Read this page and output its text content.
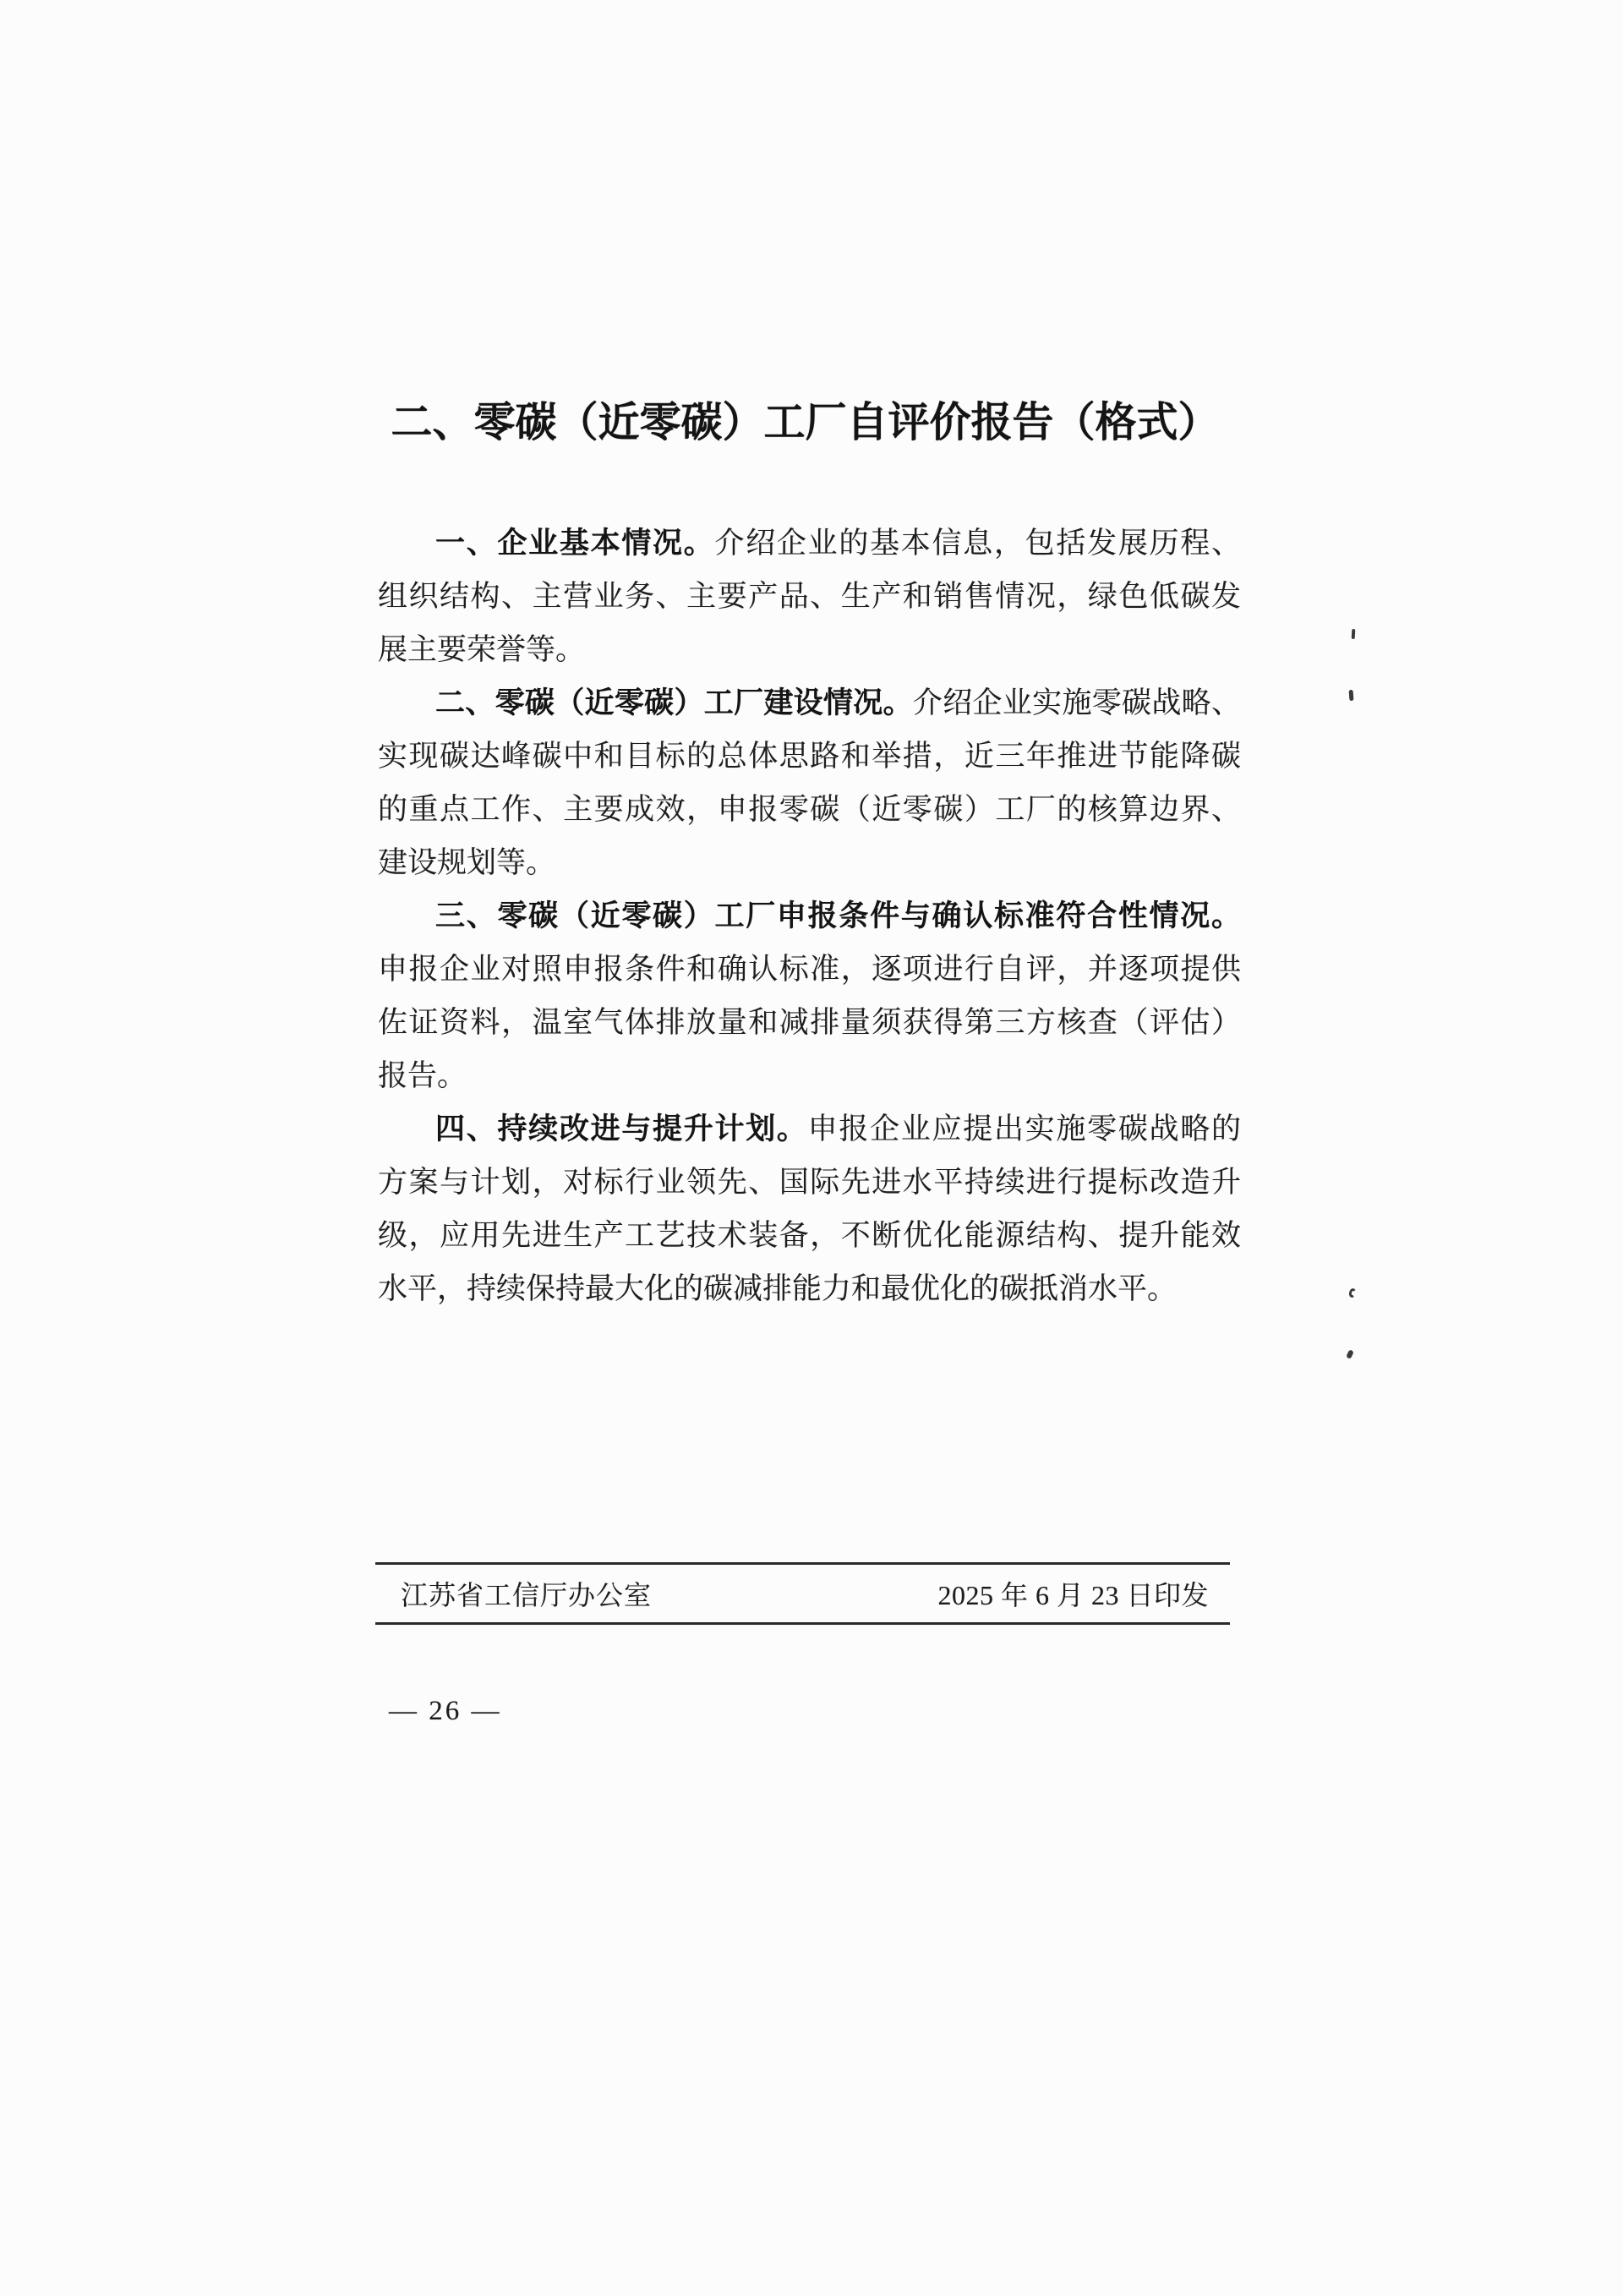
二、零碳（近零碳）工厂自评价报告（格式）
一、企业基本情况。介绍企业的基本信息，包括发展历程、
组织结构、主营业务、主要产品、生产和销售情况，绿色低碳发
展主要荣誉等。
二、零碳（近零碳）工厂建设情况。介绍企业实施零碳战略、
实现碳达峰碳中和目标的总体思路和举措，近三年推进节能降碳
的重点工作、主要成效，申报零碳（近零碳）工厂的核算边界、
建设规划等。
三、零碳（近零碳）工厂申报条件与确认标准符合性情况。
申报企业对照申报条件和确认标准，逐项进行自评，并逐项提供
佐证资料，温室气体排放量和减排量须获得第三方核查（评估）
报告。
四、持续改进与提升计划。申报企业应提出实施零碳战略的
方案与计划，对标行业领先、国际先进水平持续进行提标改造升
级，应用先进生产工艺技术装备，不断优化能源结构、提升能效
水平，持续保持最大化的碳减排能力和最优化的碳抵消水平。
江苏省工信厅办公室	2025 年 6 月 23 日印发
— 26 —
